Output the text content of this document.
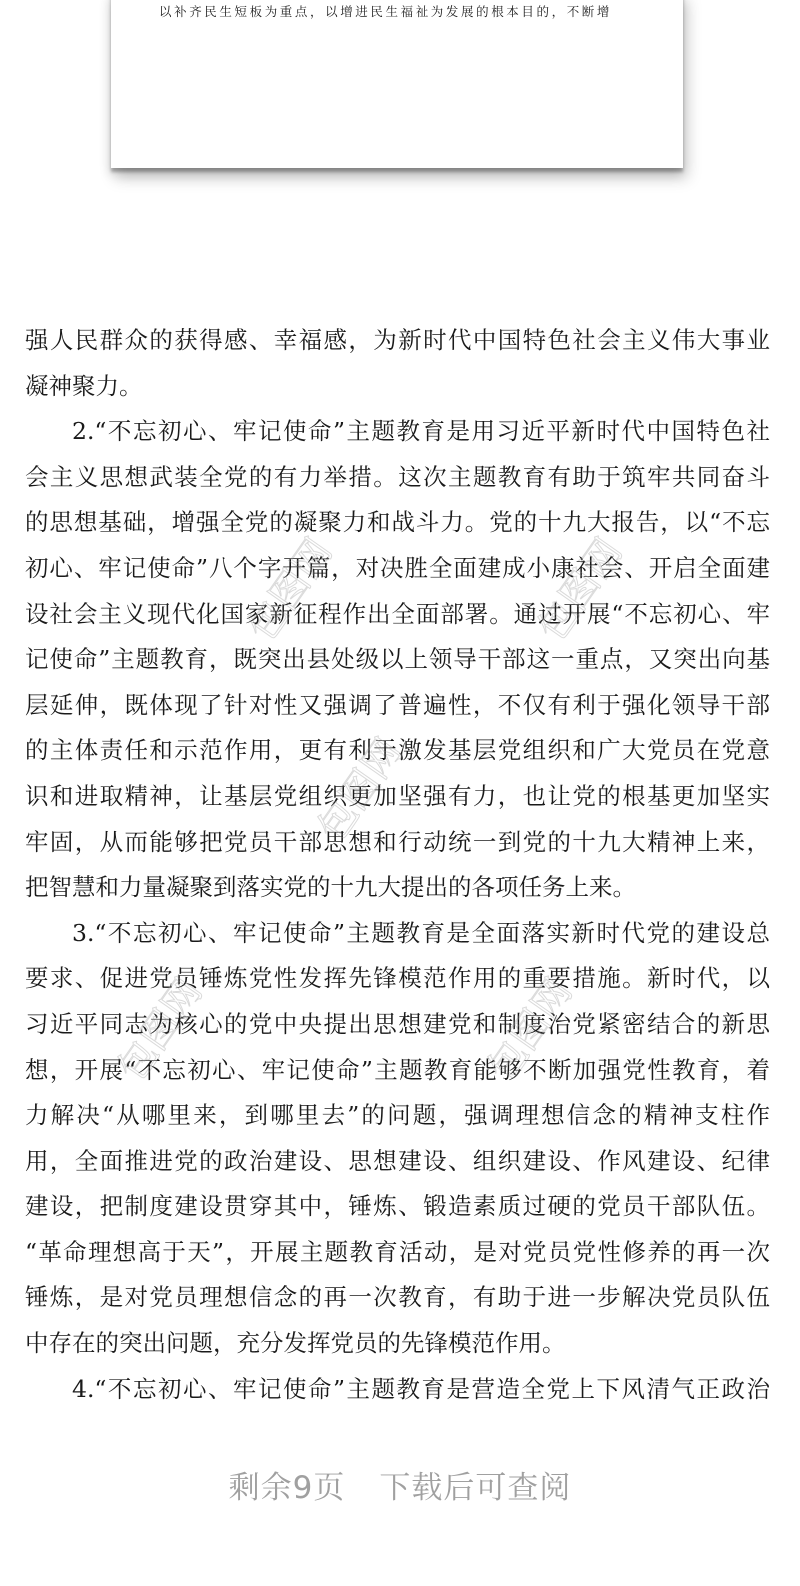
以补齐民生短板为重点，以增进民生福祉为发展的根本目的，不断增
强人民群众的获得感、幸福感，为新时代中国特色社会主义伟大事业
凝神聚力。
2.“不忘初心、牢记使命”主题教育是用习近平新时代中国特色社
会主义思想武装全党的有力举措。这次主题教育有助于筑牢共同奋斗
的思想基础，增强全党的凝聚力和战斗力。党的十九大报告，以“不忘
初心、牢记使命”八个字开篇，对决胜全面建成小康社会、开启全面建
设社会主义现代化国家新征程作出全面部署。通过开展“不忘初心、牢
记使命”主题教育，既突出县处级以上领导干部这一重点，又突出向基
层延伸，既体现了针对性又强调了普遍性，不仅有利于强化领导干部
的主体责任和示范作用，更有利于激发基层党组织和广大党员在党意
识和进取精神，让基层党组织更加坚强有力，也让党的根基更加坚实
牢固，从而能够把党员干部思想和行动统一到党的十九大精神上来，
把智慧和力量凝聚到落实党的十九大提出的各项任务上来。
3.“不忘初心、牢记使命”主题教育是全面落实新时代党的建设总
要求、促进党员锤炼党性发挥先锋模范作用的重要措施。新时代，以
习近平同志为核心的党中央提出思想建党和制度治党紧密结合的新思
想，开展“不忘初心、牢记使命”主题教育能够不断加强党性教育，着
力解决“从哪里来，到哪里去”的问题，强调理想信念的精神支柱作
用，全面推进党的政治建设、思想建设、组织建设、作风建设、纪律
建设，把制度建设贯穿其中，锤炼、锻造素质过硬的党员干部队伍。
“革命理想高于天”，开展主题教育活动，是对党员党性修养的再一次
锤炼，是对党员理想信念的再一次教育，有助于进一步解决党员队伍
中存在的突出问题，充分发挥党员的先锋模范作用。
4.“不忘初心、牢记使命”主题教育是营造全党上下风清气正政治
包图网	包图网
包图网
包图网	包图网
剩余9页 下载后可查阅
